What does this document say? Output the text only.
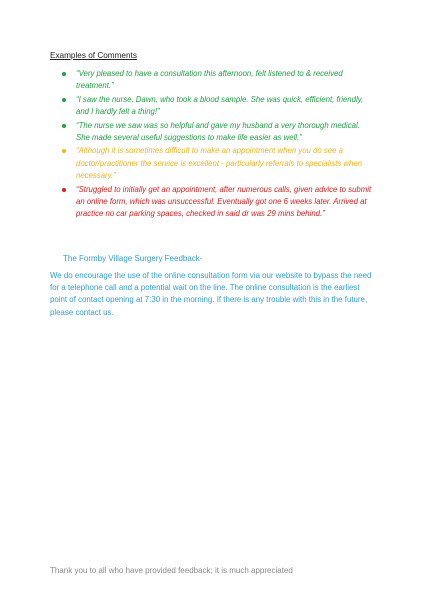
Examples of Comments
“Very pleased to have a consultation this afternoon, felt listened to & received treatment.”
“I saw the nurse, Dawn, who took a blood sample. She was quick, efficient, friendly, and I hardly felt a thing!”
“The nurse we saw was so helpful and gave my husband a very thorough medical. She made several useful suggestions to make life easier as well.”
“Although it is sometimes difficult to make an appointment when you do see a doctor/practitioner the service is excellent - particularly referrals to specialists when necessary.”
“Struggled to initially get an appointment, after numerous calls, given advice to submit an online form, which was unsuccessful. Eventually got one 6 weeks later. Arrived at practice no car parking spaces, checked in said dr was 29 mins behind.”
The Formby Village Surgery Feedback-
We do encourage the use of the online consultation form via our website to bypass the need for a telephone call and a potential wait on the line. The online consultation is the earliest point of contact opening at 7:30 in the morning. If there is any trouble with this in the future, please contact us.
Thank you to all who have provided feedback; it is much appreciated
